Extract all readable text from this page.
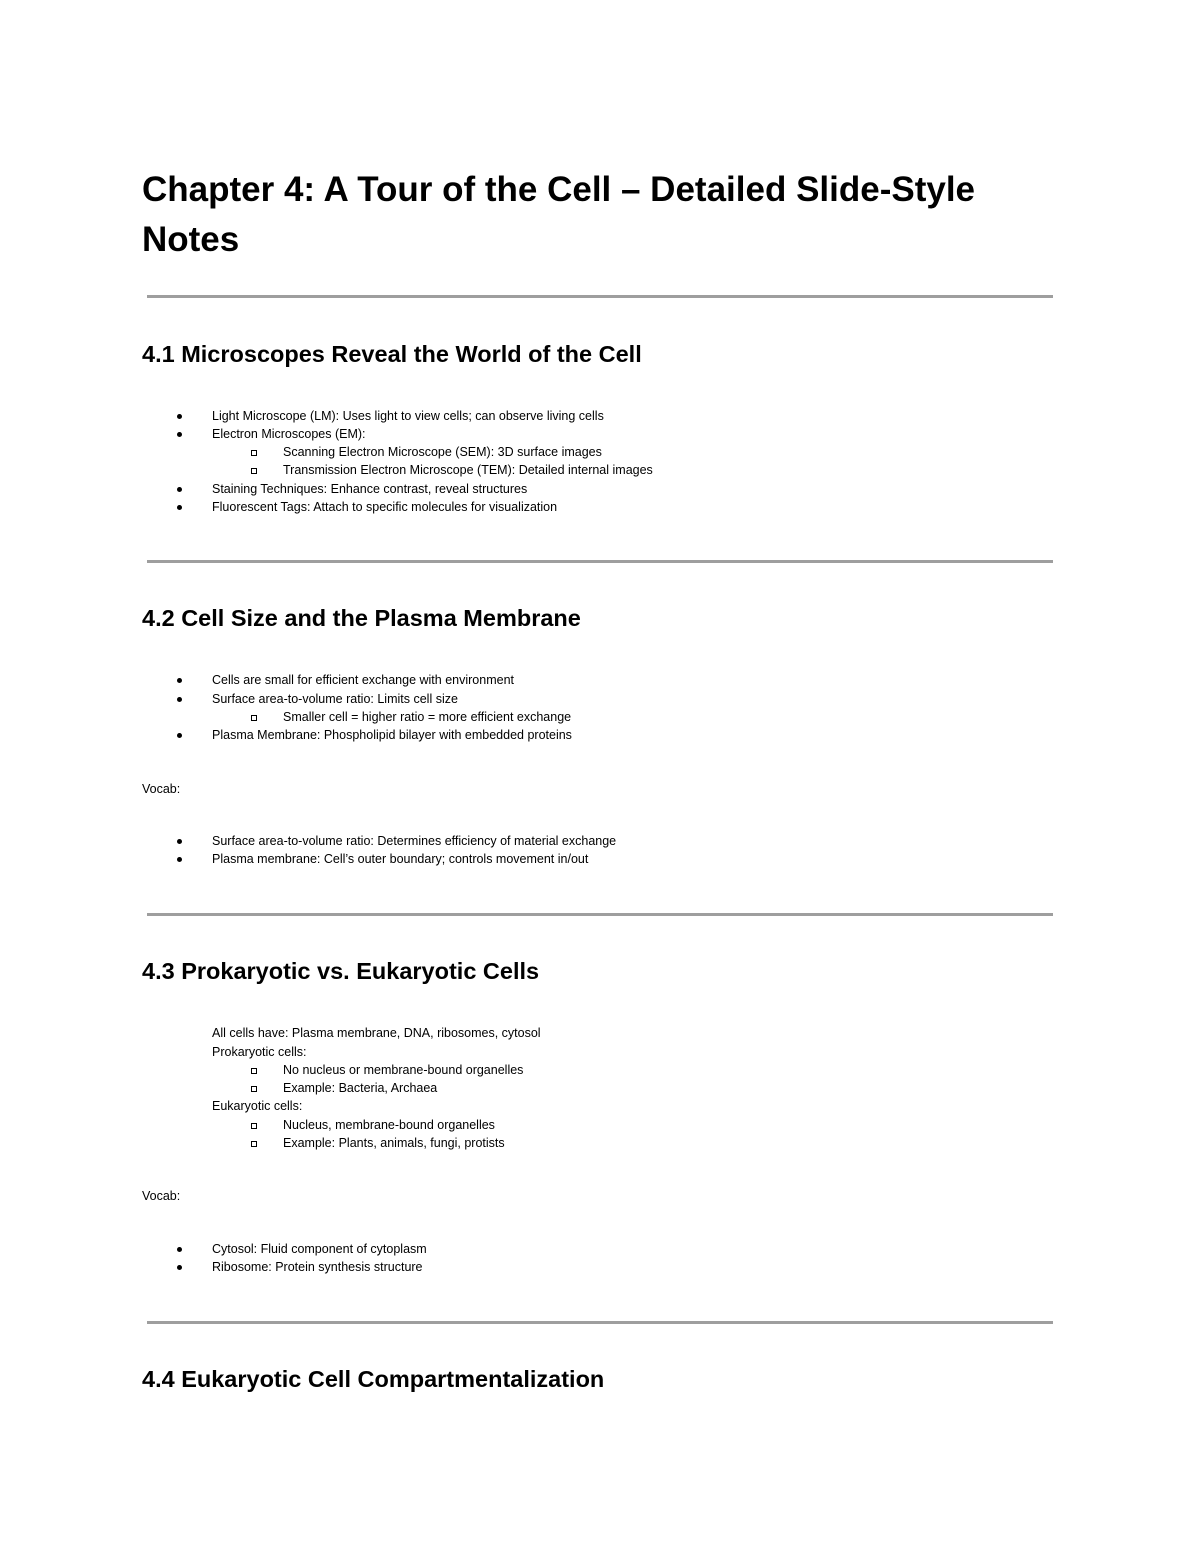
Chapter 4: A Tour of the Cell – Detailed Slide-Style Notes
4.1 Microscopes Reveal the World of the Cell
Light Microscope (LM): Uses light to view cells; can observe living cells
Electron Microscopes (EM):
Scanning Electron Microscope (SEM): 3D surface images
Transmission Electron Microscope (TEM): Detailed internal images
Staining Techniques: Enhance contrast, reveal structures
Fluorescent Tags: Attach to specific molecules for visualization
4.2 Cell Size and the Plasma Membrane
Cells are small for efficient exchange with environment
Surface area-to-volume ratio: Limits cell size
Smaller cell = higher ratio = more efficient exchange
Plasma Membrane: Phospholipid bilayer with embedded proteins
Vocab:
Surface area-to-volume ratio: Determines efficiency of material exchange
Plasma membrane: Cell’s outer boundary; controls movement in/out
4.3 Prokaryotic vs. Eukaryotic Cells
All cells have: Plasma membrane, DNA, ribosomes, cytosol
Prokaryotic cells:
No nucleus or membrane-bound organelles
Example: Bacteria, Archaea
Eukaryotic cells:
Nucleus, membrane-bound organelles
Example: Plants, animals, fungi, protists
Vocab:
Cytosol: Fluid component of cytoplasm
Ribosome: Protein synthesis structure
4.4 Eukaryotic Cell Compartmentalization
